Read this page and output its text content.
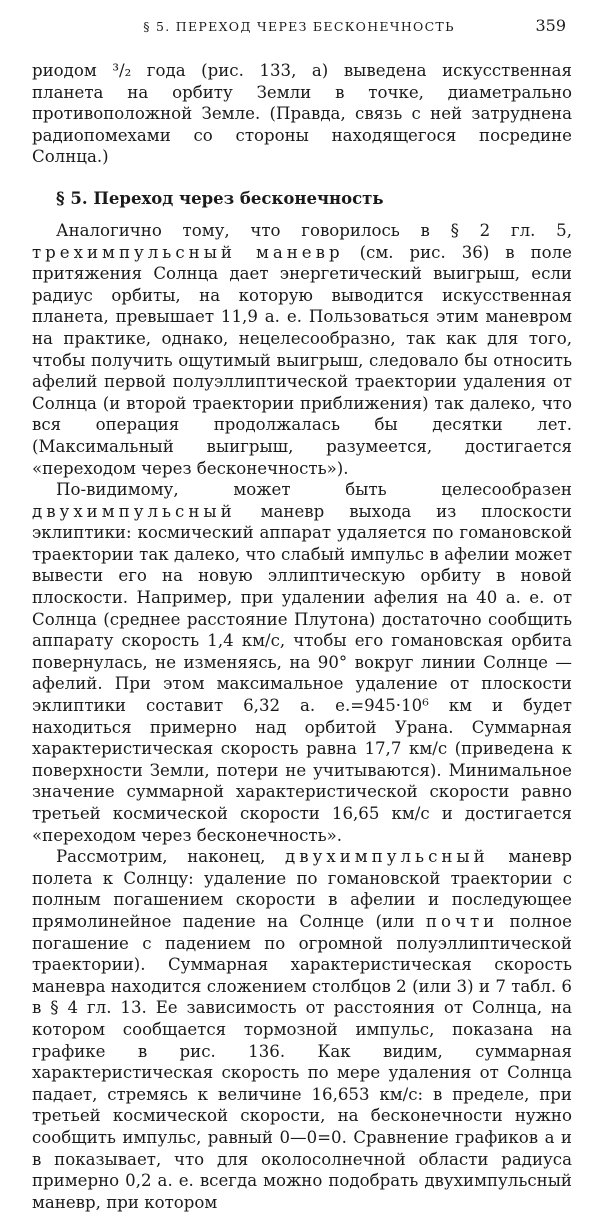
§ 5. ПЕРЕХОД ЧЕРЕЗ БЕСКОНЕЧНОСТЬ	359

риодом ³/₂ года (рис. 133, а) выведена искусственная планета на орбиту Земли в точке, диаметрально противоположной Земле. (Правда, связь с ней затруднена радиопомехами со стороны находящегося посредине Солнца.)

§ 5. Переход через бесконечность

Аналогично тому, что говорилось в § 2 гл. 5, трехимпульсный маневр (см. рис. 36) в поле притяжения Солнца дает энергетический выигрыш, если радиус орбиты, на которую выводится искусственная планета, превышает 11,9 а. е. Пользоваться этим маневром на практике, однако, нецелесообразно, так как для того, чтобы получить ощутимый выигрыш, следовало бы относить афелий первой полуэллиптической траектории удаления от Солнца (и второй траектории приближения) так далеко, что вся операция продолжалась бы десятки лет. (Максимальный выигрыш, разумеется, достигается «переходом через бесконечность»).

По-видимому, может быть целесообразен двухимпульсный маневр выхода из плоскости эклиптики: космический аппарат удаляется по гомановской траектории так далеко, что слабый импульс в афелии может вывести его на новую эллиптическую орбиту в новой плоскости. Например, при удалении афелия на 40 а. е. от Солнца (среднее расстояние Плутона) достаточно сообщить аппарату скорость 1,4 км/с, чтобы его гомановская орбита повернулась, не изменяясь, на 90° вокруг линии Солнце — афелий. При этом максимальное удаление от плоскости эклиптики составит 6,32 а. е.=945·10⁶ км и будет находиться примерно над орбитой Урана. Суммарная характеристическая скорость равна 17,7 км/с (приведена к поверхности Земли, потери не учитываются). Минимальное значение суммарной характеристической скорости равно третьей космической скорости 16,65 км/с и достигается «переходом через бесконечность».

Рассмотрим, наконец, двухимпульсный маневр полета к Солнцу: удаление по гомановской траектории с полным погашением скорости в афелии и последующее прямолинейное падение на Солнце (или почти полное погашение с падением по огромной полуэллиптической траектории). Суммарная характеристическая скорость маневра находится сложением столбцов 2 (или 3) и 7 табл. 6 в § 4 гл. 13. Ее зависимость от расстояния от Солнца, на котором сообщается тормозной импульс, показана на графике в рис. 136. Как видим, суммарная характеристическая скорость по мере удаления от Солнца падает, стремясь к величине 16,653 км/с: в пределе, при третьей космической скорости, на бесконечности нужно сообщить импульс, равный 0—0=0. Сравнение графиков а и в показывает, что для околосолнечной области радиуса примерно 0,2 а. е. всегда можно подобрать двухимпульсный маневр, при котором
